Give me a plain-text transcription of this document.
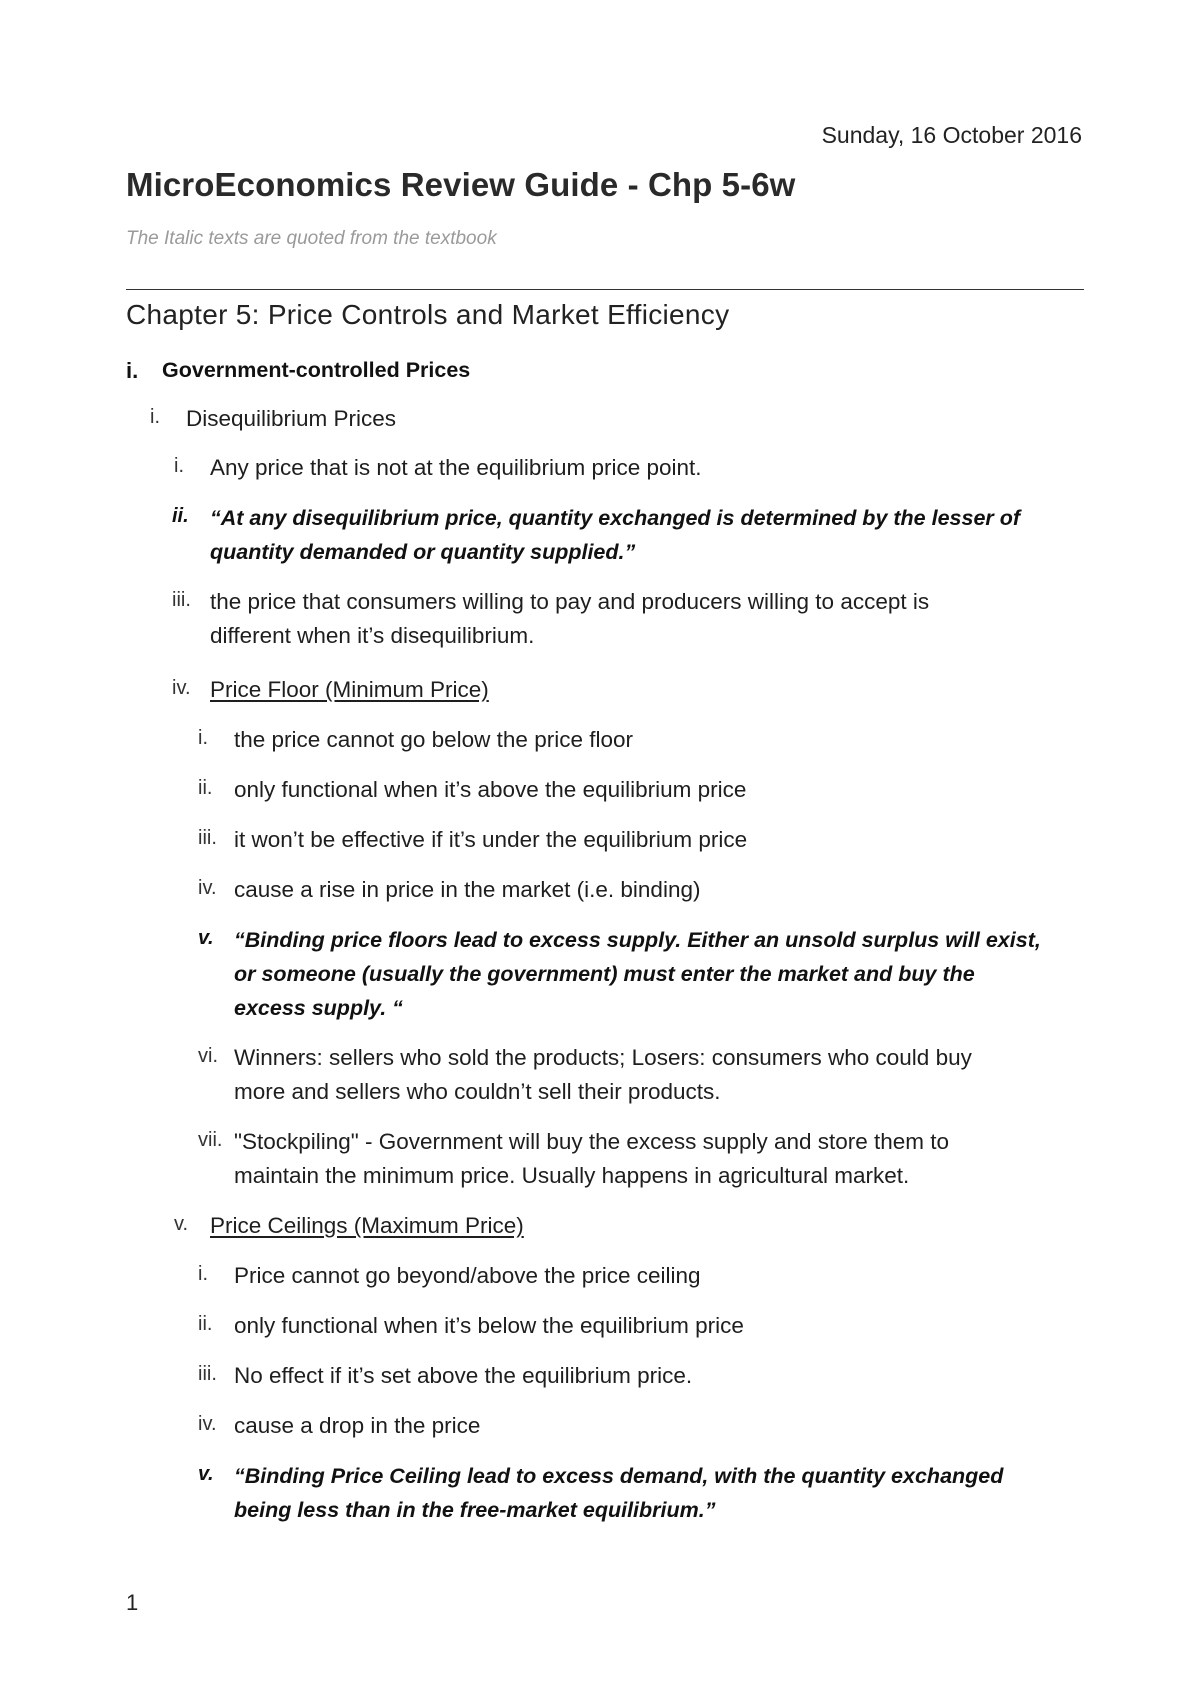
Sunday, 16 October 2016
MicroEconomics Review Guide - Chp 5-6w
The Italic texts are quoted from the textbook
Chapter 5: Price Controls and Market Efficiency
i. Government-controlled Prices
i. Disequilibrium Prices
i. Any price that is not at the equilibrium price point.
ii. “At any disequilibrium price, quantity exchanged is determined by the lesser of
quantity demanded or quantity supplied.”
iii. the price that consumers willing to pay and producers willing to accept is
different when it’s disequilibrium.
iv. Price Floor (Minimum Price)
i. the price cannot go below the price floor
ii. only functional when it’s above the equilibrium price
iii. it won’t be effective if it’s under the equilibrium price
iv. cause a rise in price in the market (i.e. binding)
v. “Binding price floors lead to excess supply. Either an unsold surplus will exist,
or someone (usually the government) must enter the market and buy the
excess supply. “
vi. Winners: sellers who sold the products; Losers: consumers who could buy
more and sellers who couldn’t sell their products.
vii. "Stockpiling" - Government will buy the excess supply and store them to
maintain the minimum price. Usually happens in agricultural market.
v. Price Ceilings (Maximum Price)
i. Price cannot go beyond/above the price ceiling
ii. only functional when it’s below the equilibrium price
iii. No effect if it’s set above the equilibrium price.
iv. cause a drop in the price
v. “Binding Price Ceiling lead to excess demand, with the quantity exchanged
being less than in the free-market equilibrium.”
1
